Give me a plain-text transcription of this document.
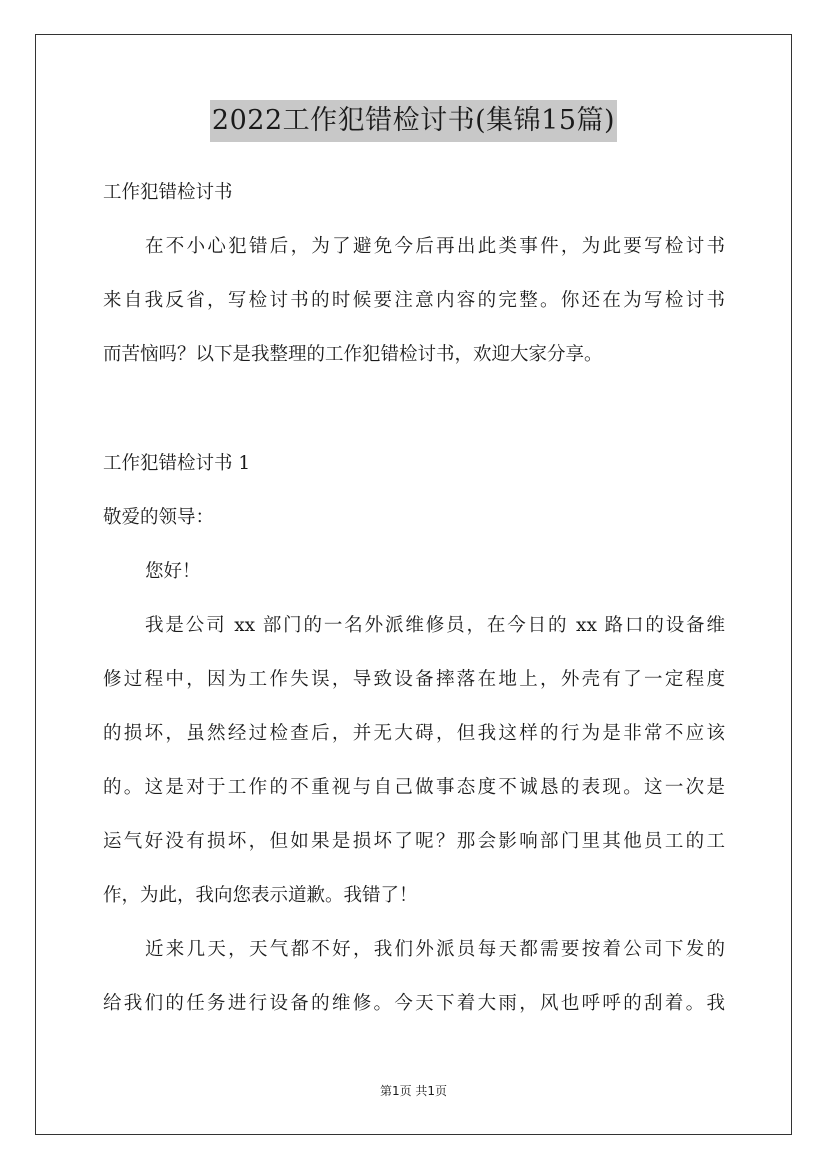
2022工作犯错检讨书(集锦15篇)
工作犯错检讨书
在不小心犯错后，为了避免今后再出此类事件，为此要写检讨书
来自我反省，写检讨书的时候要注意内容的完整。你还在为写检讨书
而苦恼吗？以下是我整理的工作犯错检讨书，欢迎大家分享。
工作犯错检讨书 1
敬爱的领导：
您好！
我是公司 xx 部门的一名外派维修员，在今日的 xx 路口的设备维
修过程中，因为工作失误，导致设备摔落在地上，外壳有了一定程度
的损坏，虽然经过检查后，并无大碍，但我这样的行为是非常不应该
的。这是对于工作的不重视与自己做事态度不诚恳的表现。这一次是
运气好没有损坏，但如果是损坏了呢？那会影响部门里其他员工的工
作，为此，我向您表示道歉。我错了！
近来几天，天气都不好，我们外派员每天都需要按着公司下发的
给我们的任务进行设备的维修。今天下着大雨，风也呼呼的刮着。我
第1页 共1页
